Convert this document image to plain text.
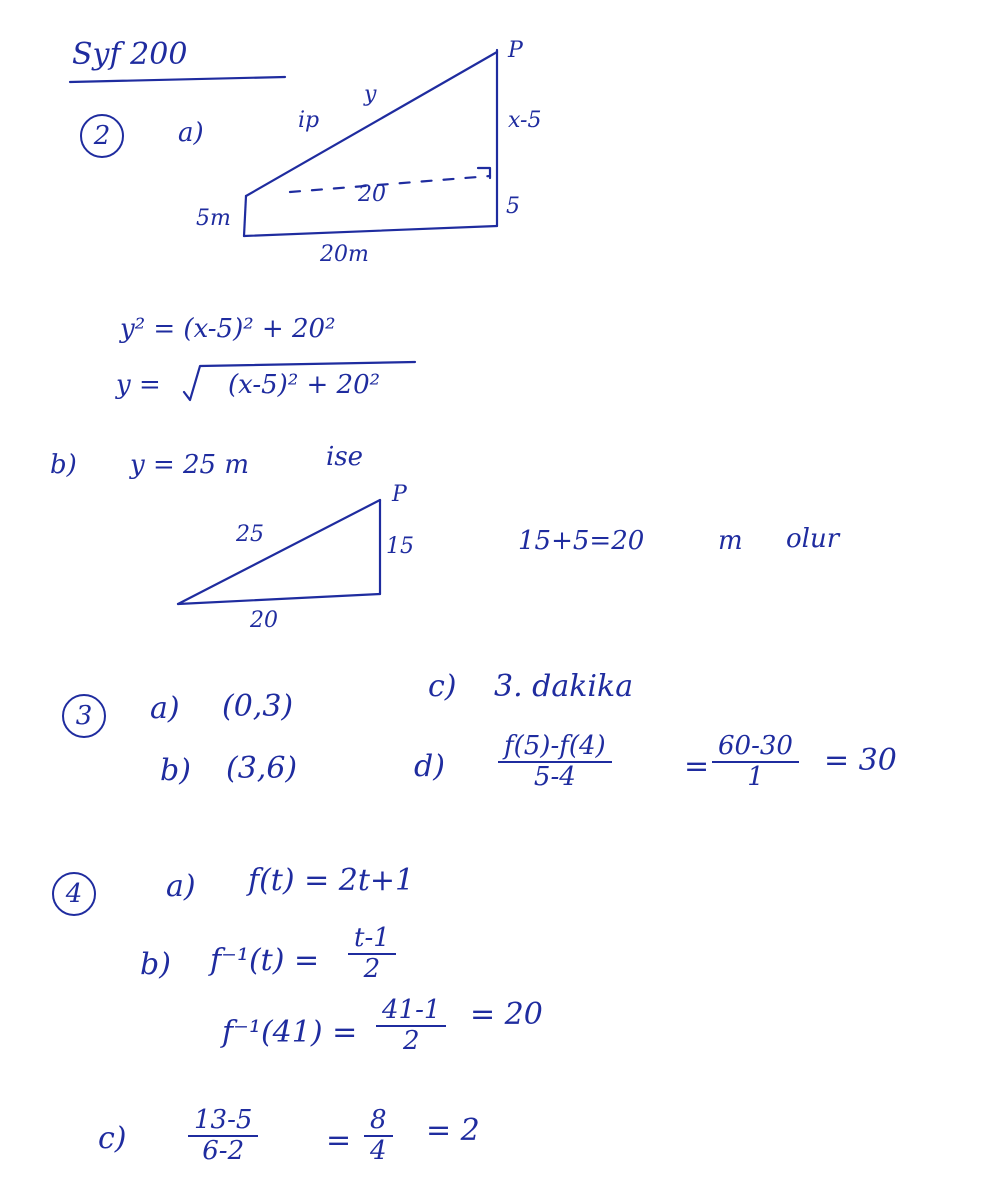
Syf 200
2	a)	ip
y
P
x-5
20
5m	5
20m
y² = (x-5)² + 20²
y =	(x-5)² + 20²
b) y = 25 m	ise
25
P
15
20
15+5=20	m olur
3	a) (0,3)
b) (3,6)
c) 3. dakika
$d) \frac{f(5)-f(4)}{5-4} = \frac{60-30}{1} = 30$
4	a) f(t) = 2t+1
b) $f^{-1}(t) = \frac{t-1}{2}$
$f^{-1}(41) = \frac{41-1}{2} = 20$
$c) \frac{13-5}{6-2} = \frac{8}{4} = 2$
